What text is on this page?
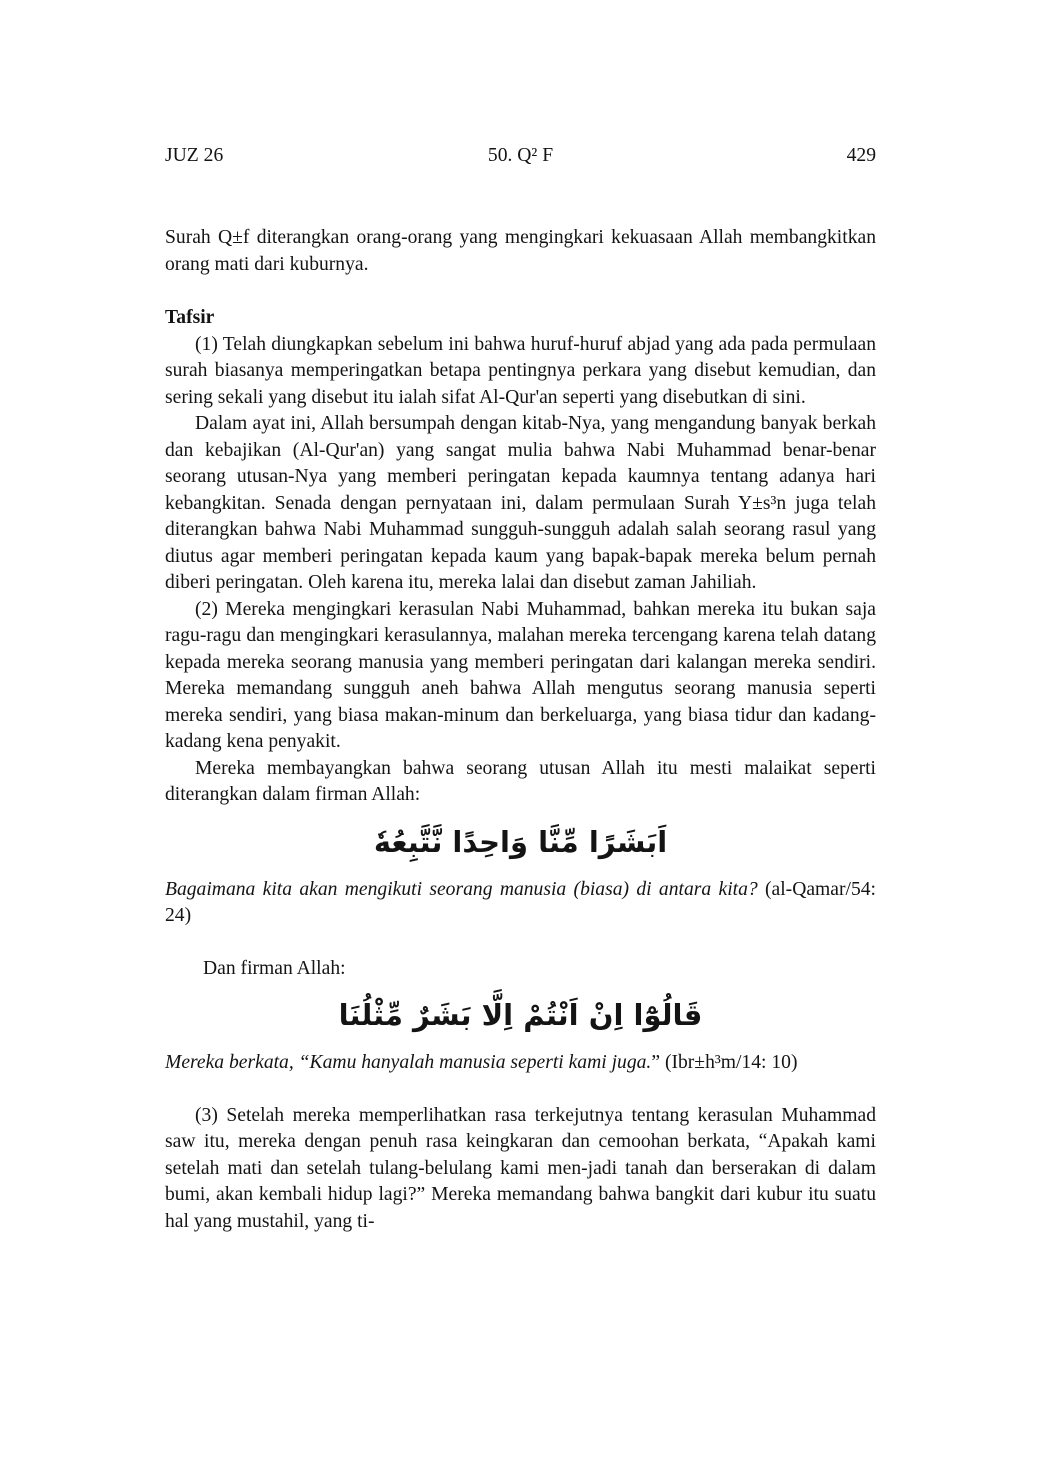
JUZ 26	50. Q² F	429

Surah Q±f diterangkan orang-orang yang mengingkari kekuasaan Allah membangkitkan orang mati dari kuburnya.

Tafsir

(1) Telah diungkapkan sebelum ini bahwa huruf-huruf abjad yang ada pada permulaan surah biasanya memperingatkan betapa pentingnya perkara yang disebut kemudian, dan sering sekali yang disebut itu ialah sifat Al-Qur'an seperti yang disebutkan di sini.

Dalam ayat ini, Allah bersumpah dengan kitab-Nya, yang mengandung banyak berkah dan kebajikan (Al-Qur'an) yang sangat mulia bahwa Nabi Muhammad benar-benar seorang utusan-Nya yang memberi peringatan kepada kaumnya tentang adanya hari kebangkitan. Senada dengan pernyataan ini, dalam permulaan Surah Y±s³n juga telah diterangkan bahwa Nabi Muhammad sungguh-sungguh adalah salah seorang rasul yang diutus agar memberi peringatan kepada kaum yang bapak-bapak mereka belum pernah diberi peringatan. Oleh karena itu, mereka lalai dan disebut zaman Jahiliah.

(2) Mereka mengingkari kerasulan Nabi Muhammad, bahkan mereka itu bukan saja ragu-ragu dan mengingkari kerasulannya, malahan mereka tercengang karena telah datang kepada mereka seorang manusia yang memberi peringatan dari kalangan mereka sendiri. Mereka memandang sungguh aneh bahwa Allah mengutus seorang manusia seperti mereka sendiri, yang biasa makan-minum dan berkeluarga, yang biasa tidur dan kadang-kadang kena penyakit.

Mereka membayangkan bahwa seorang utusan Allah itu mesti malaikat seperti diterangkan dalam firman Allah:

اَبَشَرًا مِّنَّا وَاحِدًا نَّتَّبِعُهٗ

Bagaimana kita akan mengikuti seorang manusia (biasa) di antara kita? (al-Qamar/54: 24)

Dan firman Allah:

قَالُوْٓا اِنْ اَنْتُمْ اِلَّا بَشَرٌ مِّثْلُنَا

Mereka berkata, “Kamu hanyalah manusia seperti kami juga.” (Ibr±h³m/14: 10)

(3) Setelah mereka memperlihatkan rasa terkejutnya tentang kerasulan Muhammad saw itu, mereka dengan penuh rasa keingkaran dan cemoohan berkata, “Apakah kami setelah mati dan setelah tulang-belulang kami men-jadi tanah dan berserakan di dalam bumi, akan kembali hidup lagi?” Mereka memandang bahwa bangkit dari kubur itu suatu hal yang mustahil, yang ti-
